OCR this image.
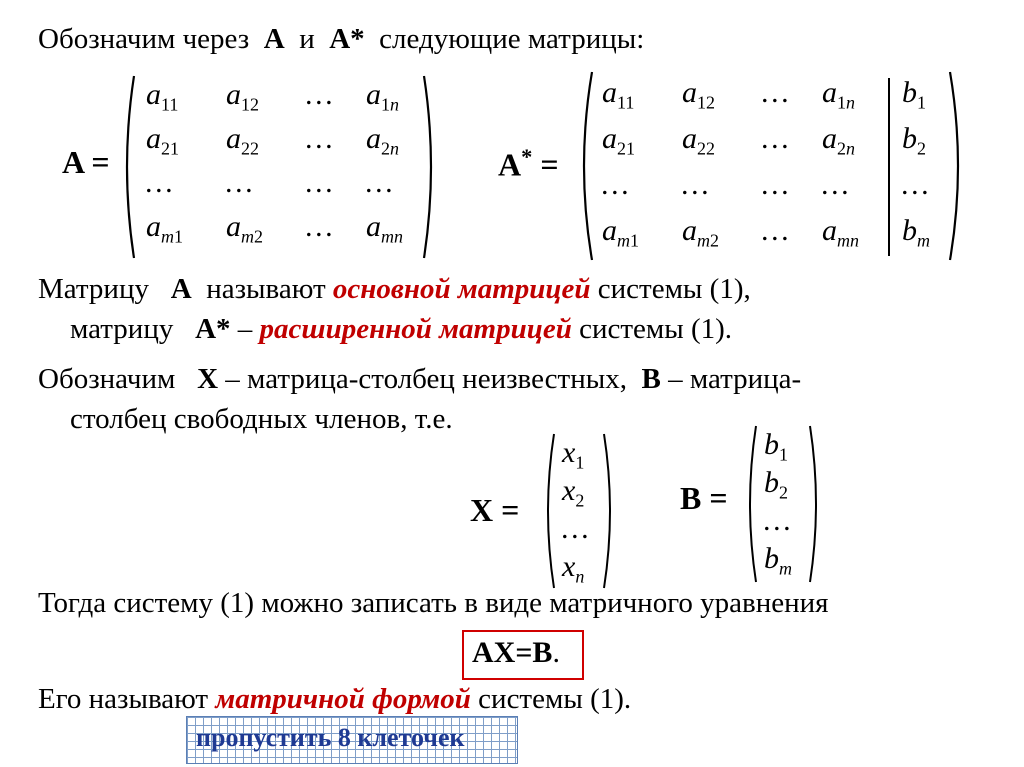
Обозначим через A и A* следующие матрицы:
A =
$a_{11}$ $a_{12}$ … $a_{1n}$
$a_{21}$ $a_{22}$ … $a_{2n}$
… … … …
$a_{m1}$ $a_{m2}$ … $a_{mn}$
A* =
$a_{11}$ $a_{12}$ … $a_{1n}$
$a_{21}$ $a_{22}$ … $a_{2n}$
… … … …
$a_{m1}$ $a_{m2}$ … $a_{mn}$
$b_1$
$b_2$
…
$b_m$
Матрицу A называют основной матрицей системы (1),
матрицу A* – расширенной матрицей системы (1).
Обозначим X – матрица-столбец неизвестных, B – матрица-
столбец свободных членов, т.е.
X =
$x_1$
$x_2$
…
$x_n$
B =
$b_1$
$b_2$
…
$b_m$
Тогда систему (1) можно записать в виде матричного уравнения
AX=B.
Его называют матричной формой системы (1).
пропустить 8 клеточек
